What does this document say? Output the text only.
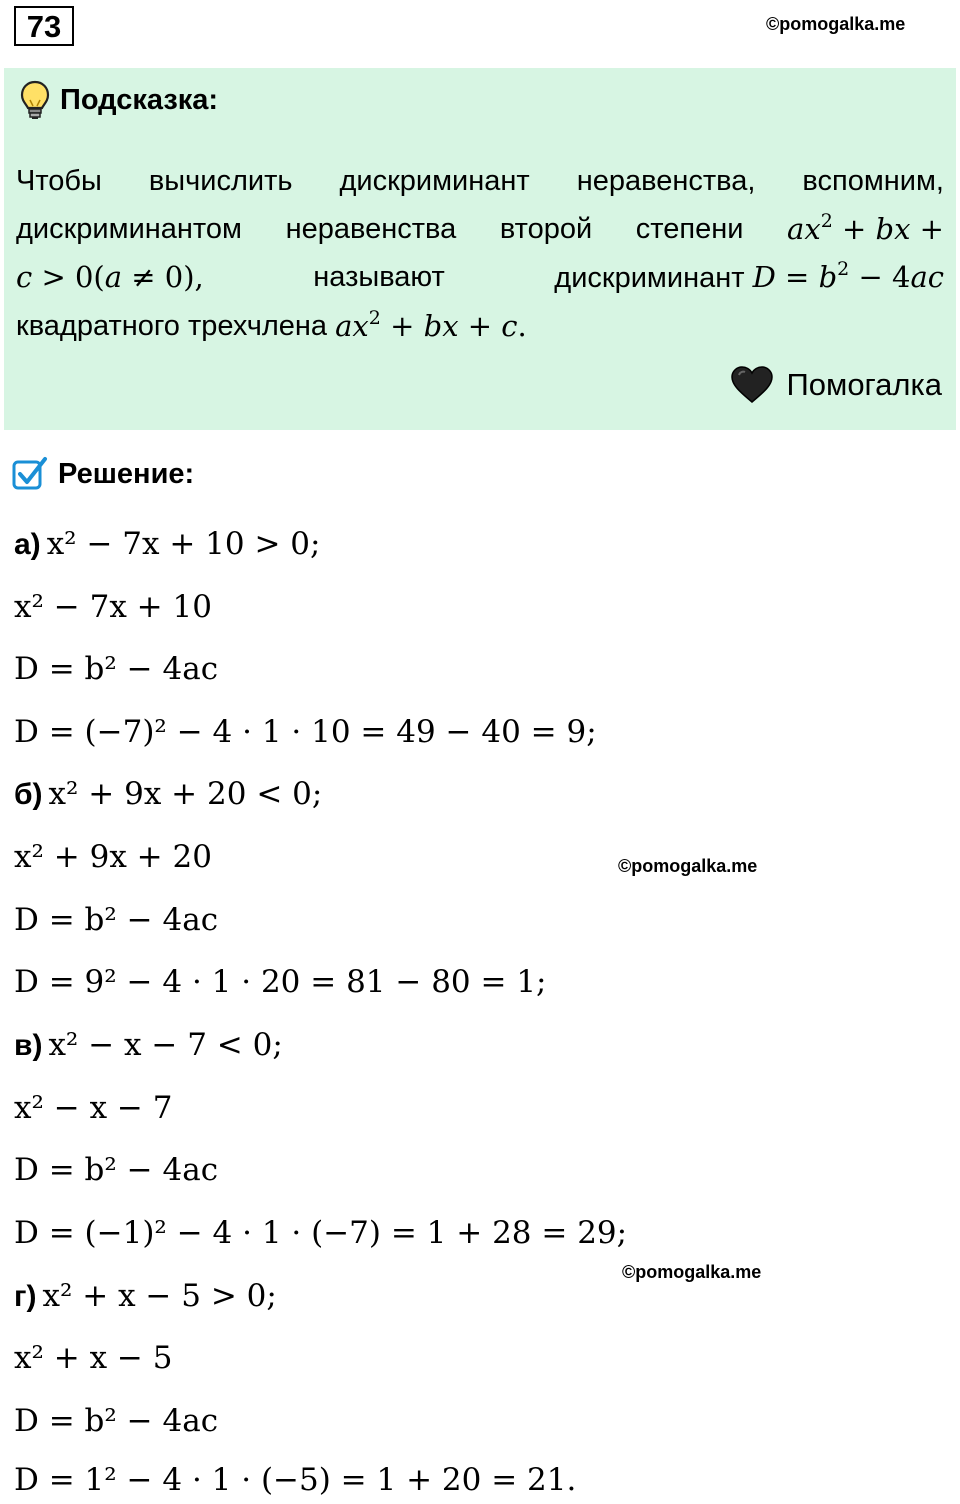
73	©pomogalka.me
Подсказка:
Чтобы вычислить дискриминант неравенства, вспомним,
дискриминантом неравенства второй степени $ax^2$ + bx +
c > 0(a ≠ 0),	называют	дискриминант $D = b^2 - 4ac$
квадратного трехчлена
$ax^2$ + bx + c.
Помогалка
Решение:
а) x² − 7x + 10 > 0;
x² − 7x + 10
D = b² − 4ac
D = (−7)² − 4 · 1 · 10 = 49 − 40 = 9;
б) x² + 9x + 20 < 0;
x² + 9x + 20
D = b² − 4ac
D = 9² − 4 · 1 · 20 = 81 − 80 = 1;
в) x² − x − 7 < 0;
x² − x − 7
D = b² − 4ac
D = (−1)² − 4 · 1 · (−7) = 1 + 28 = 29;
г) x² + x − 5 > 0;
x² + x − 5
D = b² − 4ac
D = 1² − 4 · 1 · (−5) = 1 + 20 = 21.
©pomogalka.me
©pomogalka.me
